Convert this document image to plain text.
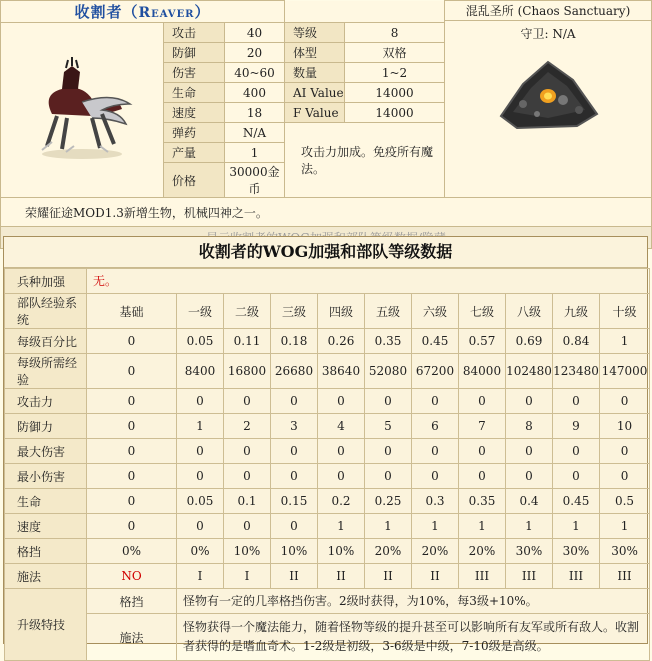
收割者（Reaver）			混乱圣所 (Chaos Sanctuary)
守卫: N/A

	攻击	40	等级	8
防御	20	体型	双格
伤害	40~60	数量	1~2
生命	400	AI Value	14000
速度	18	F Value	14000
弹药	N/A	攻击力加成。免疫所有魔法。
产量	1
价格	30000金币
荣耀征途MOD1.3新增生物，机械四神之一。

收割者的WOG加强和部队等级数据
兵种加强	无。										
部队经验系统	基础	一级	二级	三级	四级	五级	六级	七级	八级	九级	十级
每级百分比	0	0.05	0.11	0.18	0.26	0.35	0.45	0.57	0.69	0.84	1
每级所需经验	0	8400	16800	26680	38640	52080	67200	84000	102480	123480	147000
攻击力	0	0	0	0	0	0	0	0	0	0	0
防御力	0	1	2	3	4	5	6	7	8	9	10
最大伤害	0	0	0	0	0	0	0	0	0	0	0
最小伤害	0	0	0	0	0	0	0	0	0	0	0
生命	0	0.05	0.1	0.15	0.2	0.25	0.3	0.35	0.4	0.45	0.5
速度	0	0	0	0	1	1	1	1	1	1	1
格挡	0%	0%	10%	10%	10%	20%	20%	20%	30%	30%	30%
施法	NO	I	I	II	II	II	II	III	III	III	III
升级特技	格挡	怪物有一定的几率格挡伤害。2级时获得，为10%，每3级+10%。									
	施法	怪物获得一个魔法能力，随着怪物等级的提升甚至可以影响所有友军或所有敌人。收割者获得的是嗜血奇术。1-2级是初级，3-6级是中级，7-10级是高级。									
